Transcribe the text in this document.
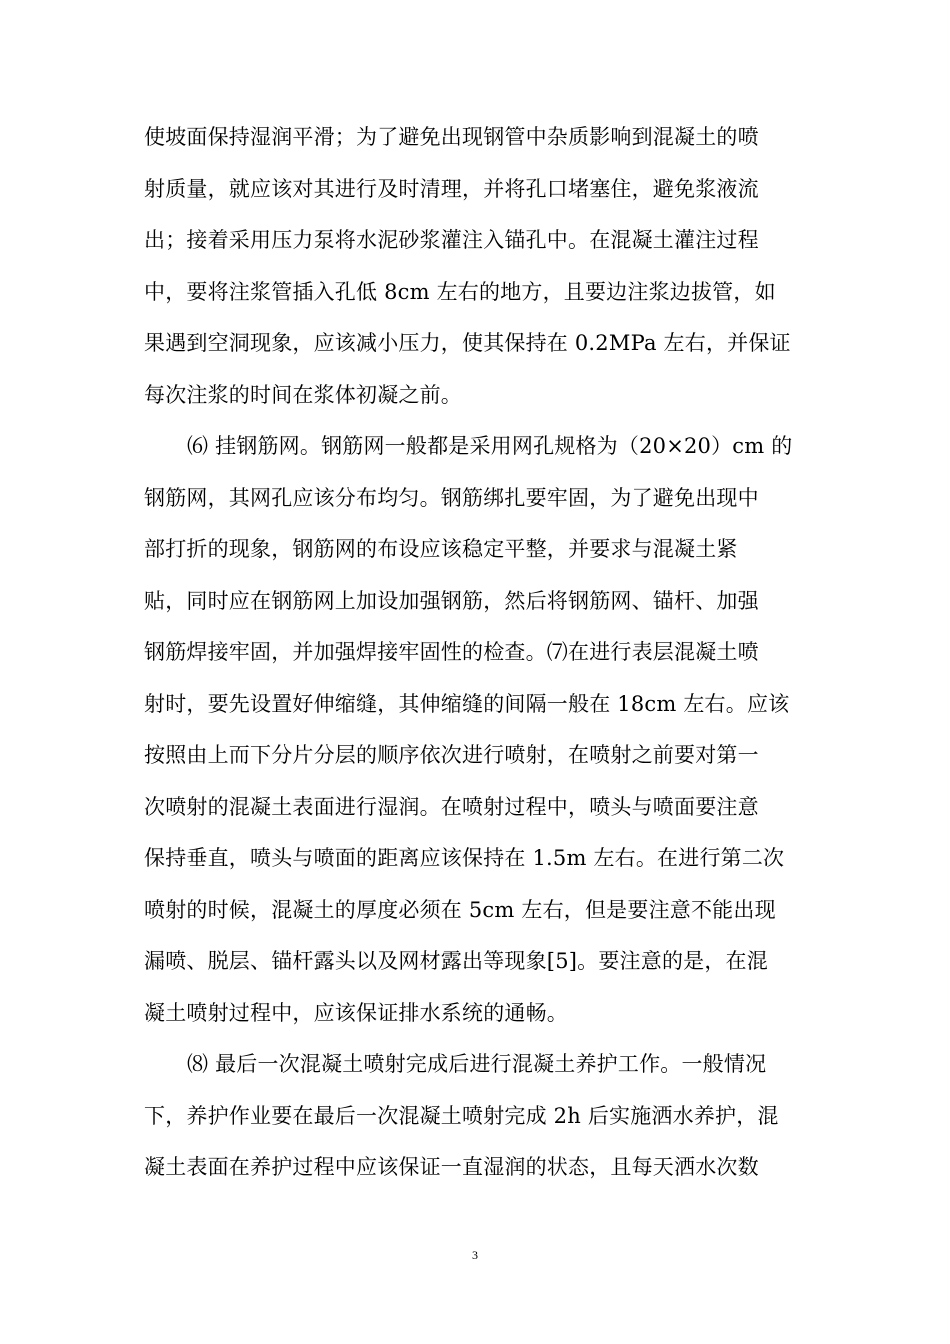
使坡面保持湿润平滑；为了避免出现钢管中杂质影响到混凝土的喷
射质量，就应该对其进行及时清理，并将孔口堵塞住，避免浆液流
出；接着采用压力泵将水泥砂浆灌注入锚孔中。在混凝土灌注过程
中，要将注浆管插入孔低 8cm 左右的地方，且要边注浆边拔管，如
果遇到空洞现象，应该减小压力，使其保持在 0.2MPa 左右，并保证
每次注浆的时间在浆体初凝之前。
⑹ 挂钢筋网。钢筋网一般都是采用网孔规格为（20×20）cm 的
钢筋网，其网孔应该分布均匀。钢筋绑扎要牢固，为了避免出现中
部打折的现象，钢筋网的布设应该稳定平整，并要求与混凝土紧
贴，同时应在钢筋网上加设加强钢筋，然后将钢筋网、锚杆、加强
钢筋焊接牢固，并加强焊接牢固性的检查。⑺在进行表层混凝土喷
射时，要先设置好伸缩缝，其伸缩缝的间隔一般在 18cm 左右。应该
按照由上而下分片分层的顺序依次进行喷射，在喷射之前要对第一
次喷射的混凝土表面进行湿润。在喷射过程中，喷头与喷面要注意
保持垂直，喷头与喷面的距离应该保持在 1.5m 左右。在进行第二次
喷射的时候，混凝土的厚度必须在 5cm 左右，但是要注意不能出现
漏喷、脱层、锚杆露头以及网材露出等现象[5]。要注意的是，在混
凝土喷射过程中，应该保证排水系统的通畅。
⑻ 最后一次混凝土喷射完成后进行混凝土养护工作。一般情况
下，养护作业要在最后一次混凝土喷射完成 2h 后实施洒水养护，混
凝土表面在养护过程中应该保证一直湿润的状态，且每天洒水次数
3
